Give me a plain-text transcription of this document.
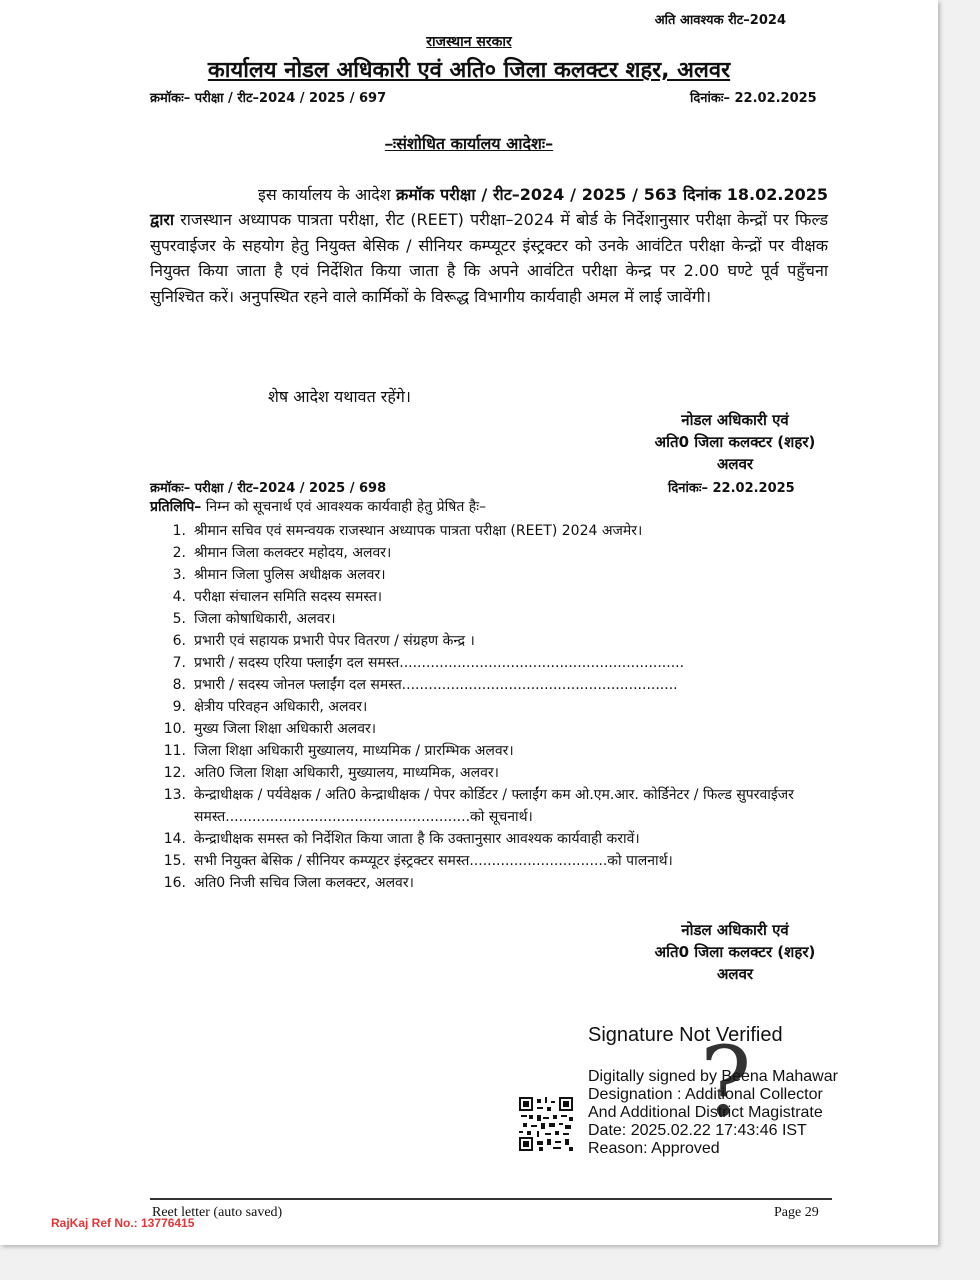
अति आवश्यक रीट–2024
राजस्थान सरकार
कार्यालय नोडल अधिकारी एवं अति० जिला कलक्टर शहर, अलवर
क्रमॉकः– परीक्षा / रीट–2024 / 2025 / 697	दिनांकः– 22.02.2025
–ःसंशोधित कार्यालय आदेशः–
इस कार्यालय के आदेश क्रमॉक परीक्षा / रीट–2024 / 2025 / 563 दिनांक 18.02.2025 द्वारा राजस्थान अध्यापक पात्रता परीक्षा, रीट (REET) परीक्षा–2024 में बोर्ड के निर्देशानुसार परीक्षा केन्द्रों पर फिल्ड सुपरवाईजर के सहयोग हेतु नियुक्त बेसिक / सीनियर कम्प्यूटर इंस्ट्रक्टर को उनके आवंटित परीक्षा केन्द्रों पर वीक्षक नियुक्त किया जाता है एवं निर्देशित किया जाता है कि अपने आवंटित परीक्षा केन्द्र पर 2.00 घण्टे पूर्व पहुँचना सुनिश्चित करें। अनुपस्थित रहने वाले कार्मिकों के विरूद्ध विभागीय कार्यवाही अमल में लाई जावेंगी।
शेष आदेश यथावत रहेंगे।
नोडल अधिकारी एवं
अति0 जिला कलक्टर (शहर)
अलवर
क्रमॉकः– परीक्षा / रीट–2024 / 2025 / 698	दिनांकः– 22.02.2025
प्रतिलिपि– निम्न को सूचनार्थ एवं आवश्यक कार्यवाही हेतु प्रेषित हैः–
1. श्रीमान सचिव एवं समन्वयक राजस्थान अध्यापक पात्रता परीक्षा (REET) 2024 अजमेर।
2. श्रीमान जिला कलक्टर महोदय, अलवर।
3. श्रीमान जिला पुलिस अधीक्षक अलवर।
4. परीक्षा संचालन समिति सदस्य समस्त।
5. जिला कोषाधिकारी, अलवर।
6. प्रभारी एवं सहायक प्रभारी पेपर वितरण / संग्रहण केन्द्र ।
7. प्रभारी / सदस्य एरिया फ्लाईंग दल समस्त................................................................
8. प्रभारी / सदस्य जोनल फ्लाईंग दल समस्त..............................................................
9. क्षेत्रीय परिवहन अधिकारी, अलवर।
10. मुख्य जिला शिक्षा अधिकारी अलवर।
11. जिला शिक्षा अधिकारी मुख्यालय, माध्यमिक / प्रारम्भिक अलवर।
12. अति0 जिला शिक्षा अधिकारी, मुख्यालय, माध्यमिक, अलवर।
13. केन्द्राधीक्षक / पर्यवेक्षक / अति0 केन्द्राधीक्षक / पेपर कोर्डिटर / फ्लाईंग कम ओ.एम.आर. कोर्डिनेटर / फिल्ड सुपरवाईजर समस्त.......................................................को सूचनार्थ।
14. केन्द्राधीक्षक समस्त को निर्देशित किया जाता है कि उक्तानुसार आवश्यक कार्यवाही करावें।
15. सभी नियुक्त बेसिक / सीनियर कम्प्यूटर इंस्ट्रक्टर समस्त...............................को पालनार्थ।
16. अति0 निजी सचिव जिला कलक्टर, अलवर।
नोडल अधिकारी एवं
अति0 जिला कलक्टर (शहर)
अलवर
?
Signature Not Verified
Digitally signed by Beena Mahawar
Designation : Additional Collector
And Additional District Magistrate
Date: 2025.02.22 17:43:46 IST
Reason: Approved
Reet letter (auto saved)	Page 29
RajKaj Ref No.: 13776415
